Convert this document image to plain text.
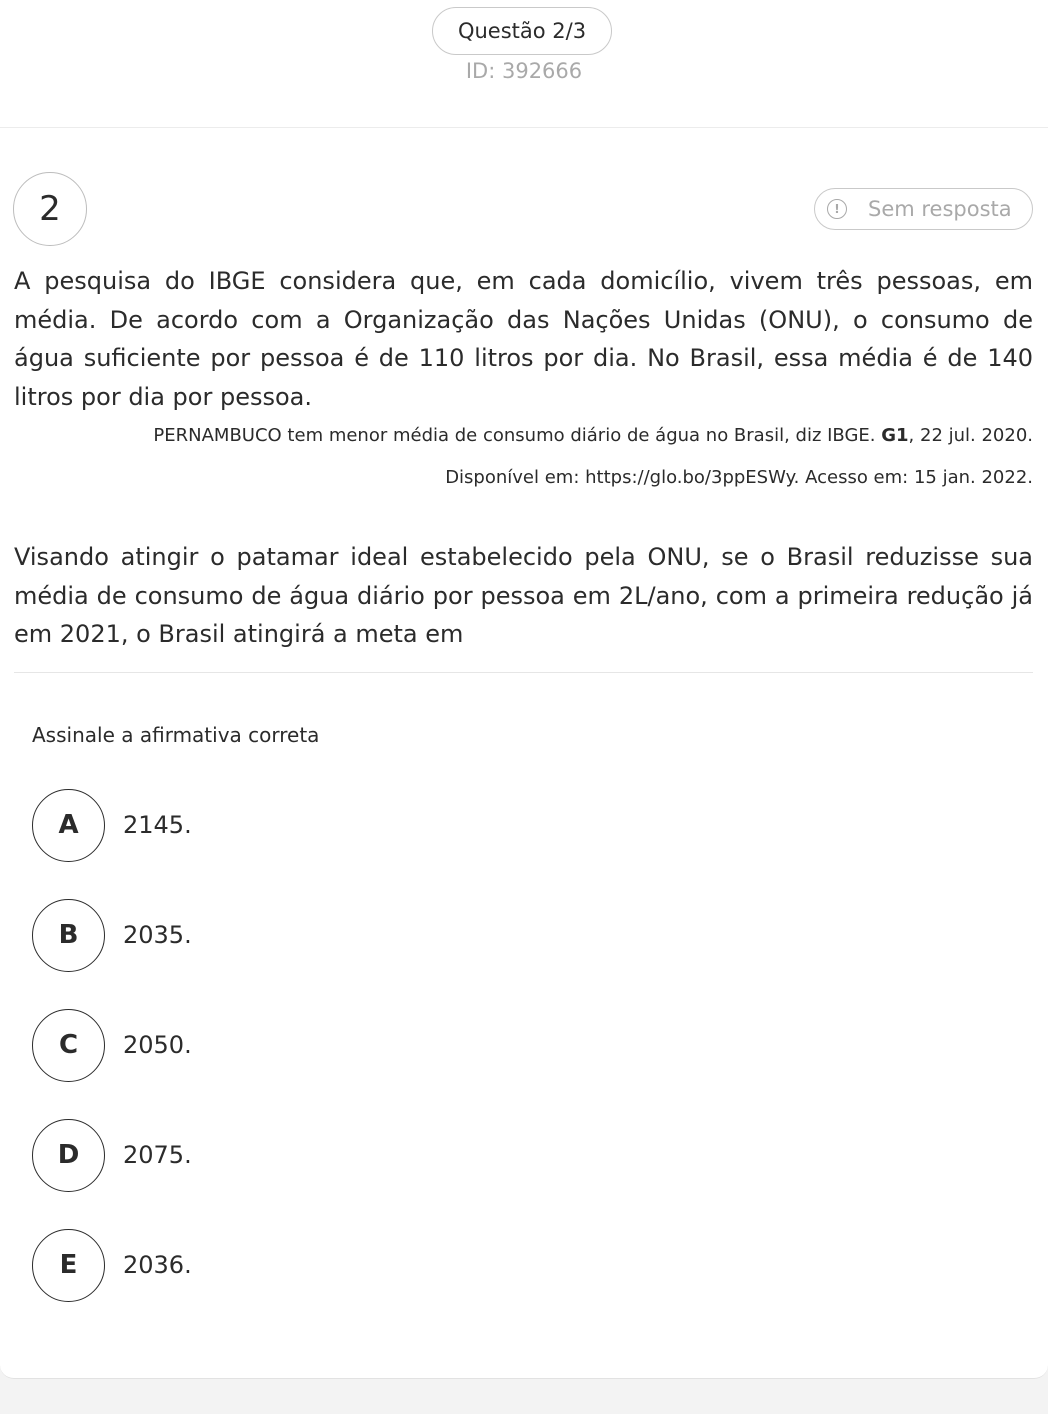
Questão 2/3
ID: 392666
2	!	Sem resposta

A pesquisa do IBGE considera que, em cada domicílio, vivem três pessoas, em média. De acordo com a Organização das Nações Unidas (ONU), o consumo de água suficiente por pessoa é de 110 litros por dia. No Brasil, essa média é de 140 litros por dia por pessoa.

PERNAMBUCO tem menor média de consumo diário de água no Brasil, diz IBGE. G1, 22 jul. 2020.

Disponível em: https://glo.bo/3ppESWy. Acesso em: 15 jan. 2022.

Visando atingir o patamar ideal estabelecido pela ONU, se o Brasil reduzisse sua média de consumo de água diário por pessoa em 2L/ano, com a primeira redução já em 2021, o Brasil atingirá a meta em

Assinale a afirmativa correta
A	2145.
B	2035.
C	2050.
D	2075.
E	2036.
